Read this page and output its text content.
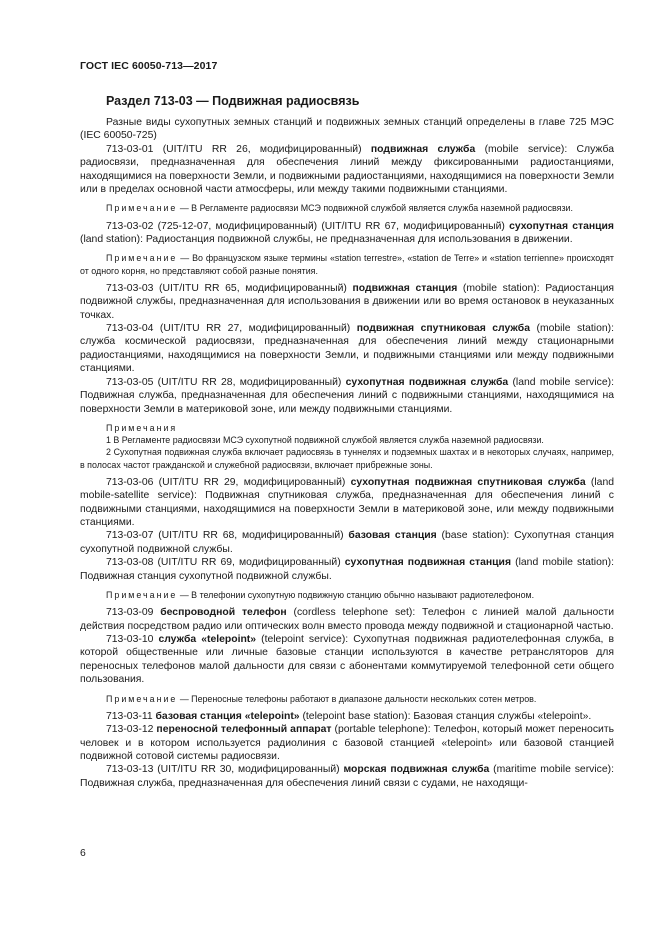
ГОСТ IEC 60050-713—2017
Раздел 713-03 — Подвижная радиосвязь

Разные виды сухопутных земных станций и подвижных земных станций определены в главе 725 МЭС (IEC 60050-725)

713-03-01 (UIT/ITU RR 26, модифицированный) подвижная служба (mobile service): Служба радиосвязи, предназначенная для обеспечения линий между фиксированными радиостанциями, находящимися на поверхности Земли, и подвижными радиостанциями, находящимися на поверхности Земли или в пределах основной части атмосферы, или между такими подвижными станциями.

Примечание — В Регламенте радиосвязи МСЭ подвижной службой является служба наземной радиосвязи.

713-03-02 (725-12-07, модифицированный) (UIT/ITU RR 67, модифицированный) сухопутная станция (land station): Радиостанция подвижной службы, не предназначенная для использования в движении.

Примечание — Во французском языке термины «station terrestre», «station de Terre» и «station terrienne» происходят от одного корня, но представляют собой разные понятия.

713-03-03 (UIT/ITU RR 65, модифицированный) подвижная станция (mobile station): Радиостанция подвижной службы, предназначенная для использования в движении или во время остановок в неуказанных точках.

713-03-04 (UIT/ITU RR 27, модифицированный) подвижная спутниковая служба (mobile station): служба космической радиосвязи, предназначенная для обеспечения линий между стационарными радиостанциями, находящимися на поверхности Земли, и подвижными станциями или между подвижными станциями.

713-03-05 (UIT/ITU RR 28, модифицированный) сухопутная подвижная служба (land mobile service): Подвижная служба, предназначенная для обеспечения линий с подвижными станциями, находящимися на поверхности Земли в материковой зоне, или между подвижными станциями.

Примечания

1 В Регламенте радиосвязи МСЭ сухопутной подвижной службой является служба наземной радиосвязи.

2 Сухопутная подвижная служба включает радиосвязь в туннелях и подземных шахтах и в некоторых случаях, например, в полосах частот гражданской и служебной радиосвязи, включает прибрежные зоны.

713-03-06 (UIT/ITU RR 29, модифицированный) сухопутная подвижная спутниковая служба (land mobile-satellite service): Подвижная спутниковая служба, предназначенная для обеспечения линий с подвижными станциями, находящимися на поверхности Земли в материковой зоне, или между подвижными станциями.

713-03-07 (UIT/ITU RR 68, модифицированный) базовая станция (base station): Сухопутная станция сухопутной подвижной службы.

713-03-08 (UIT/ITU RR 69, модифицированный) сухопутная подвижная станция (land mobile station): Подвижная станция сухопутной подвижной службы.

Примечание — В телефонии сухопутную подвижную станцию обычно называют радиотелефоном.

713-03-09 беспроводной телефон (cordless telephone set): Телефон с линией малой дальности действия посредством радио или оптических волн вместо провода между подвижной и стационарной частью.

713-03-10 служба «telepoint» (telepoint service): Сухопутная подвижная радиотелефонная служба, в которой общественные или личные базовые станции используются в качестве ретрансляторов для переносных телефонов малой дальности для связи с абонентами коммутируемой телефонной сети общего пользования.

Примечание — Переносные телефоны работают в диапазоне дальности нескольких сотен метров.

713-03-11 базовая станция «telepoint» (telepoint base station): Базовая станция службы «telepoint».

713-03-12 переносной телефонный аппарат (portable telephone): Телефон, который может переносить человек и в котором используется радиолиния с базовой станцией «telepoint» или базовой станцией подвижной сотовой системы радиосвязи.

713-03-13 (UIT/ITU RR 30, модифицированный) морская подвижная служба (maritime mobile service): Подвижная служба, предназначенная для обеспечения линий связи с судами, не находящи-

6
